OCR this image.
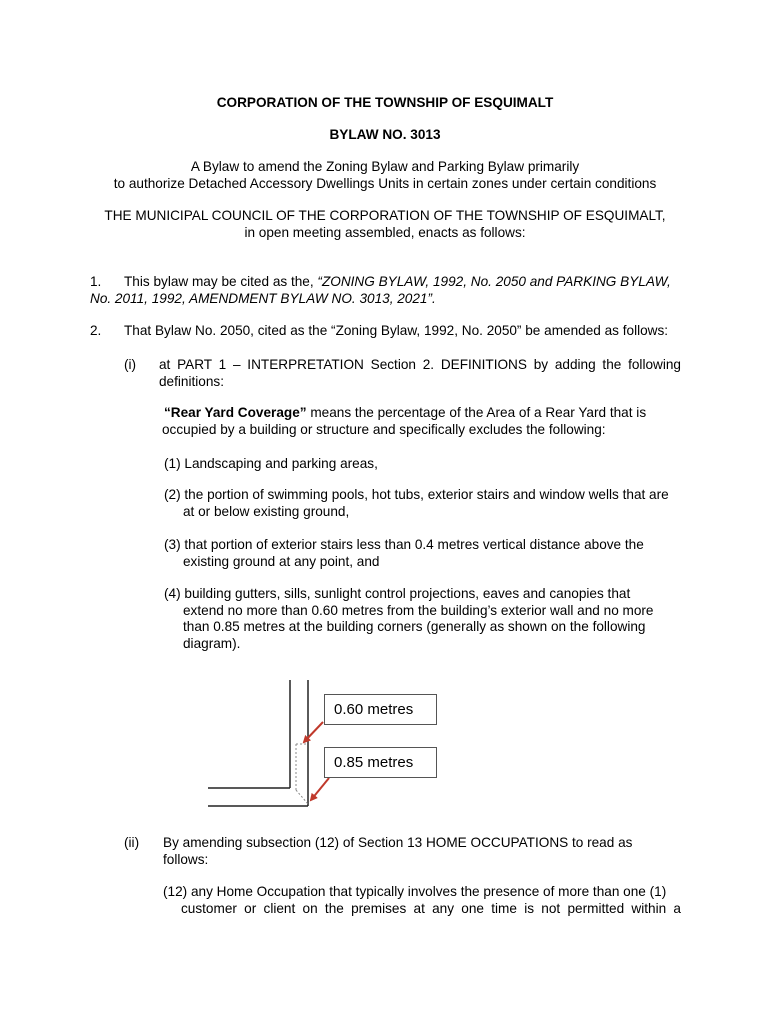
CORPORATION OF THE TOWNSHIP OF ESQUIMALT
BYLAW NO. 3013
A Bylaw to amend the Zoning Bylaw and Parking Bylaw primarily
to authorize Detached Accessory Dwellings Units in certain zones under certain conditions
THE MUNICIPAL COUNCIL OF THE CORPORATION OF THE TOWNSHIP OF ESQUIMALT,
in open meeting assembled, enacts as follows:
1. This bylaw may be cited as the, “ZONING BYLAW, 1992, No. 2050 and PARKING BYLAW,
No. 2011, 1992, AMENDMENT BYLAW NO. 3013, 2021”.
2. That Bylaw No. 2050, cited as the “Zoning Bylaw, 1992, No. 2050” be amended as follows:
(i) at PART 1 – INTERPRETATION Section 2. DEFINITIONS by adding the following
definitions:
“Rear Yard Coverage” means the percentage of the Area of a Rear Yard that is
occupied by a building or structure and specifically excludes the following:
(1) Landscaping and parking areas,
(2) the portion of swimming pools, hot tubs, exterior stairs and window wells that are
at or below existing ground,
(3) that portion of exterior stairs less than 0.4 metres vertical distance above the
existing ground at any point, and
(4) building gutters, sills, sunlight control projections, eaves and canopies that
extend no more than 0.60 metres from the building’s exterior wall and no more
than 0.85 metres at the building corners (generally as shown on the following
diagram).
0.60 metres
0.85 metres
(ii) By amending subsection (12) of Section 13 HOME OCCUPATIONS to read as
follows:
(12) any Home Occupation that typically involves the presence of more than one (1)
customer or client on the premises at any one time is not permitted within a
